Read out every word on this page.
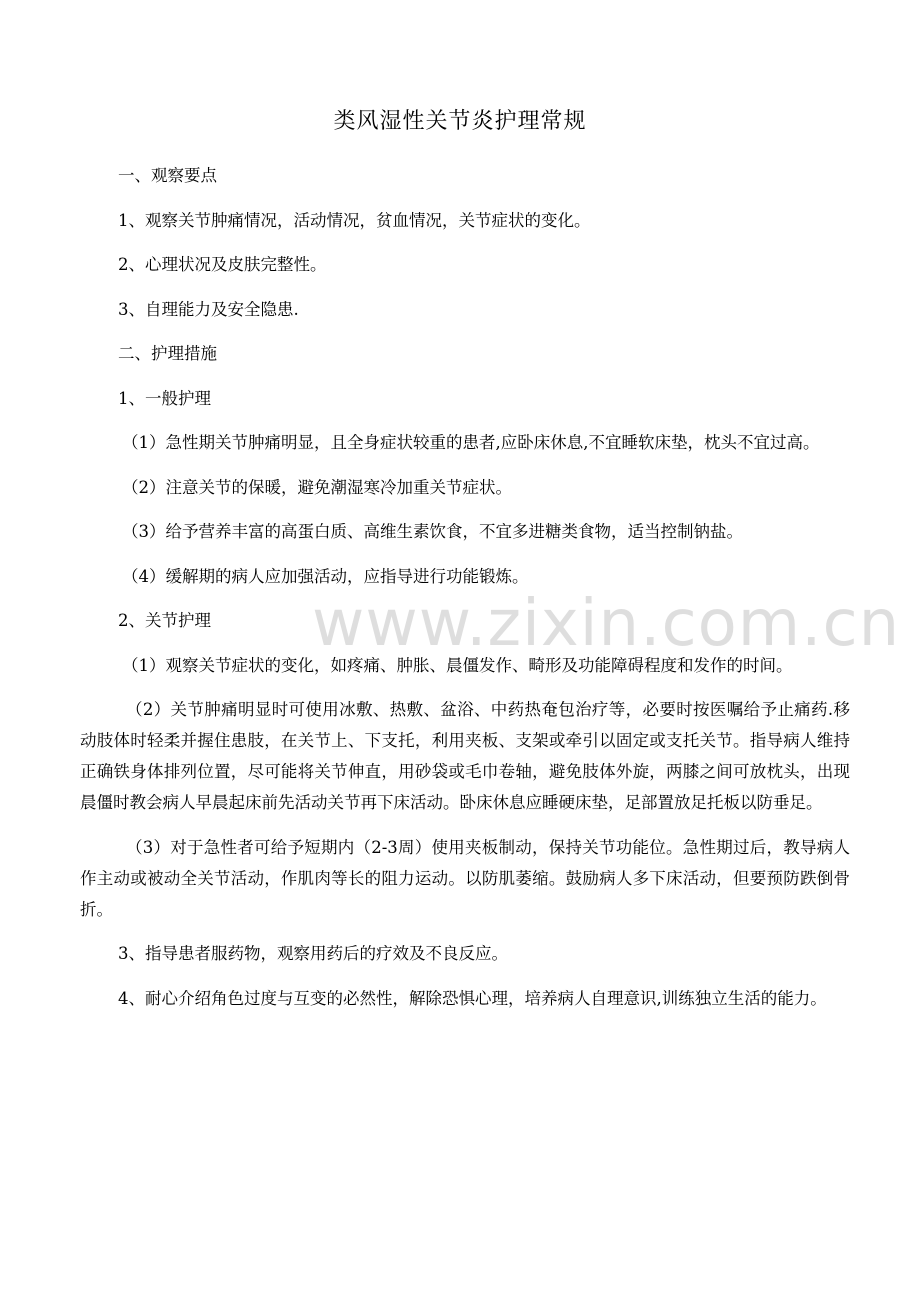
类风湿性关节炎护理常规

一、观察要点

1、观察关节肿痛情况，活动情况，贫血情况，关节症状的变化。

2、心理状况及皮肤完整性。

3、自理能力及安全隐患.

二、护理措施

1、一般护理

（1）急性期关节肿痛明显，且全身症状较重的患者,应卧床休息,不宜睡软床垫，枕头不宜过高。

（2）注意关节的保暖，避免潮湿寒冷加重关节症状。

（3）给予营养丰富的高蛋白质、高维生素饮食，不宜多进糖类食物，适当控制钠盐。

（4）缓解期的病人应加强活动，应指导进行功能锻炼。

2、关节护理

（1）观察关节症状的变化，如疼痛、肿胀、晨僵发作、畸形及功能障碍程度和发作的时间。

（2）关节肿痛明显时可使用冰敷、热敷、盆浴、中药热奄包治疗等，必要时按医嘱给予止痛药.移动肢体时轻柔并握住患肢，在关节上、下支托，利用夹板、支架或牵引以固定或支托关节。指导病人维持正确铁身体排列位置，尽可能将关节伸直，用砂袋或毛巾卷轴，避免肢体外旋，两膝之间可放枕头，出现晨僵时教会病人早晨起床前先活动关节再下床活动。卧床休息应睡硬床垫，足部置放足托板以防垂足。

（3）对于急性者可给予短期内（2-3周）使用夹板制动，保持关节功能位。急性期过后，教导病人作主动或被动全关节活动，作肌肉等长的阻力运动。以防肌萎缩。鼓励病人多下床活动，但要预防跌倒骨折。

3、指导患者服药物，观察用药后的疗效及不良反应。

4、耐心介绍角色过度与互变的必然性，解除恐惧心理，培养病人自理意识,训练独立生活的能力。

www.zixin.com.cn
